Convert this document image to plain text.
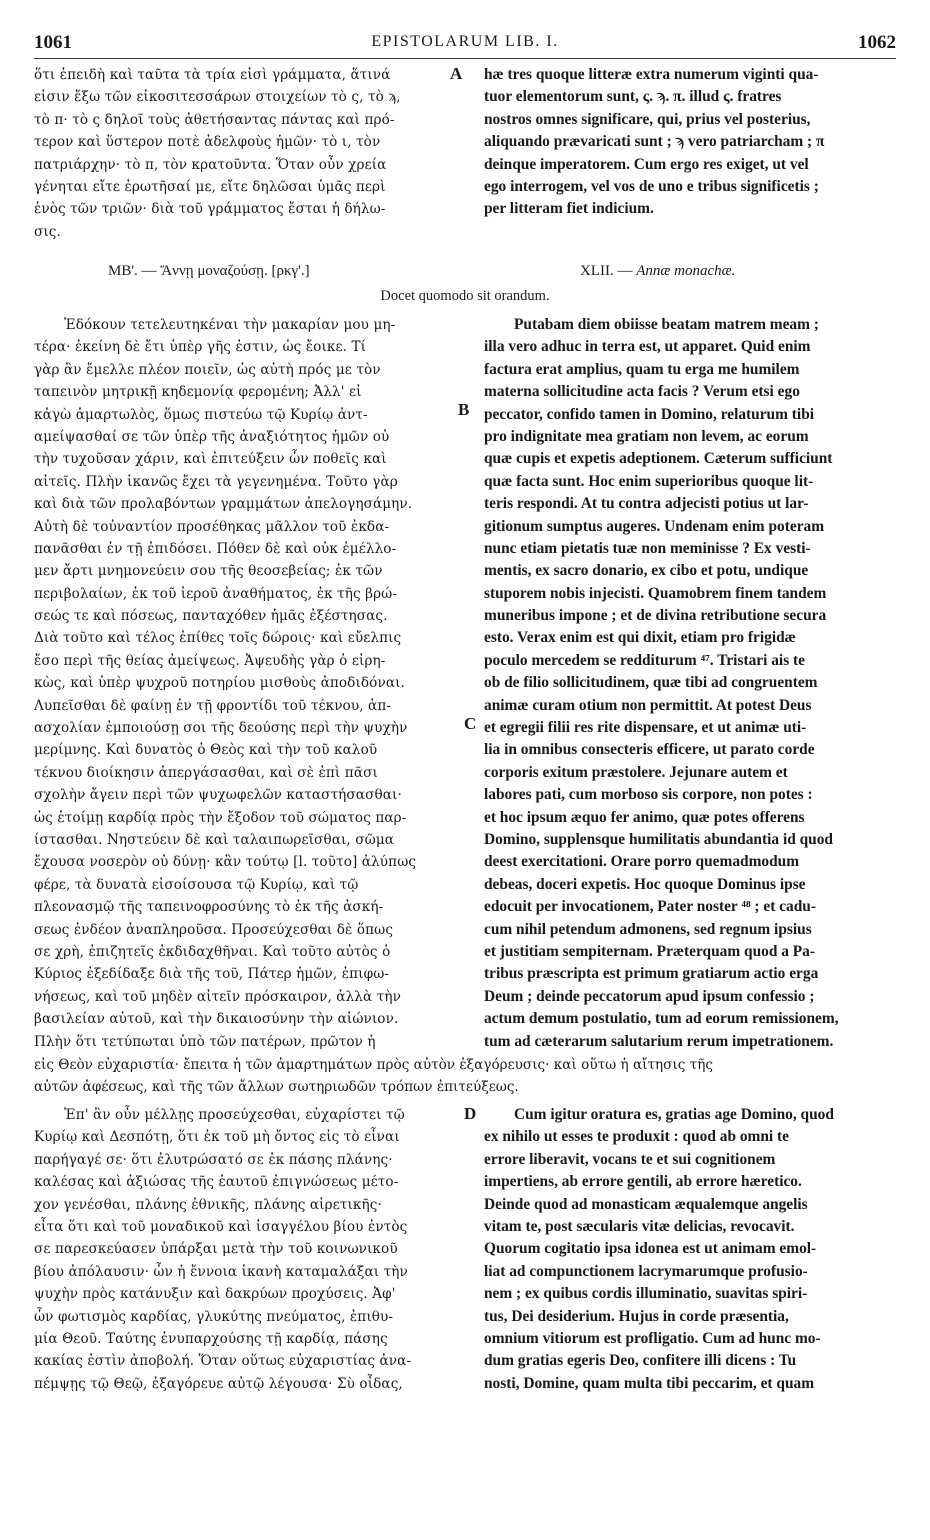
1061	EPISTOLARUM LIB. I.	1062
ὅτι ἐπειδὴ καὶ ταῦτα τὰ τρία εἰσὶ γράμματα, ἅτινά
εἰσιν ἔξω τῶν εἰκοσιτεσσάρων στοιχείων τὸ ς, τὸ ϡ,
τὸ π· τὸ ς δηλοῖ τοὺς ἀθετήσαντας πάντας καὶ πρό-
τερον καὶ ὕστερον ποτὲ ἀδελφοὺς ἡμῶν· τὸ ι, τὸν
πατριάρχην· τὸ π, τὸν κρατοῦντα. Ὅταν οὖν χρεία
γένηται εἴτε ἐρωτῆσαί με, εἴτε δηλῶσαι ὑμᾶς περὶ
ἑνὸς τῶν τριῶν· διὰ τοῦ γράμματος ἔσται ἡ δήλω-
σις.
hæ tres quoque litteræ extra numerum viginti qua-
tuor elementorum sunt, ς. ϡ. π. illud ς. fratres
nostros omnes significare, qui, prius vel posterius,
aliquando prævaricati sunt ; ϡ vero patriarcham ; π
deinque imperatorem. Cum ergo res exiget, ut vel
ego interrogem, vel vos de uno e tribus significetis ;
per litteram fiet indicium.
ΜΒ'. — Ἄννῃ μοναζούσῃ. [ρκγ'.]	XLII. — Annæ monachæ.
Docet quomodo sit orandum.
Ἐδόκουν τετελευτηκέναι τὴν μακαρίαν μου μη-
τέρα· ἐκείνη δὲ ἔτι ὑπὲρ γῆς ἐστιν, ὡς ἔοικε. Τί
γὰρ ἂν ἔμελλε πλέον ποιεῖν, ὡς αὐτὴ πρός με τὸν
ταπεινὸν μητρικῇ κηδεμονίᾳ φερομένη; Ἀλλ' εἰ
κἀγὼ ἁμαρτωλὸς, ὅμως πιστεύω τῷ Κυρίῳ ἀντ-
αμείψασθαί σε τῶν ὑπὲρ τῆς ἀναξιότητος ἡμῶν οὐ
τὴν τυχοῦσαν χάριν, καὶ ἐπιτεύξειν ὧν ποθεῖς καὶ
αἰτεῖς. Πλὴν ἱκανῶς ἔχει τὰ γεγενημένα. Τοῦτο γὰρ
καὶ διὰ τῶν προλαβόντων γραμμάτων ἀπελογησάμην.
Αὐτὴ δὲ τοὐναντίον προσέθηκας μᾶλλον τοῦ ἐκδα-
πανᾶσθαι ἐν τῇ ἐπιδόσει. Πόθεν δὲ καὶ οὐκ ἐμέλλο-
μεν ἄρτι μνημονεύειν σου τῆς θεοσεβείας; ἐκ τῶν
περιβολαίων, ἐκ τοῦ ἱεροῦ ἀναθήματος, ἐκ τῆς βρώ-
σεώς τε καὶ πόσεως, πανταχόθεν ἡμᾶς ἐξέστησας.
Διὰ τοῦτο καὶ τέλος ἐπίθες τοῖς δώροις· καὶ εὔελπις
ἔσο περὶ τῆς θείας ἀμείψεως. Ἀψευδὴς γὰρ ὁ εἰρη-
κὼς, καὶ ὑπὲρ ψυχροῦ ποτηρίου μισθοὺς ἀποδιδόναι.
Λυπεῖσθαι δὲ φαίνῃ ἐν τῇ φροντίδι τοῦ τέκνου, ἀπ-
ασχολίαν ἐμποιούσῃ σοι τῆς δεούσης περὶ τὴν ψυχὴν
μερίμνης. Καὶ δυνατὸς ὁ Θεὸς καὶ τὴν τοῦ καλοῦ
τέκνου διοίκησιν ἀπεργάσασθαι, καὶ σὲ ἐπὶ πᾶσι
σχολὴν ἄγειν περὶ τῶν ψυχωφελῶν καταστήσασθαι·
ὡς ἑτοίμῃ καρδίᾳ πρὸς τὴν ἔξοδον τοῦ σώματος παρ-
ίστασθαι. Νηστεύειν δὲ καὶ ταλαιπωρεῖσθαι, σῶμα
ἔχουσα νοσερὸν οὐ δύνῃ· κἂν τούτῳ [l. τοῦτο] ἀλύπως
φέρε, τὰ δυνατὰ εἰσοίσουσα τῷ Κυρίῳ, καὶ τῷ
πλεονασμῷ τῆς ταπεινοφροσύνης τὸ ἐκ τῆς ἀσκή-
σεως ἐνδέον ἀναπληροῦσα. Προσεύχεσθαι δὲ ὅπως
σε χρὴ, ἐπιζητεῖς ἐκδιδαχθῆναι. Καὶ τοῦτο αὐτὸς ὁ
Κύριος ἐξεδίδαξε διὰ τῆς τοῦ, Πάτερ ἡμῶν, ἐπιφω-
νήσεως, καὶ τοῦ μηδὲν αἰτεῖν πρόσκαιρον, ἀλλὰ τὴν
βασιλείαν αὐτοῦ, καὶ τὴν δικαιοσύνην τὴν αἰώνιον.
Πλὴν ὅτι τετύπωται ὑπὸ τῶν πατέρων, πρῶτον ἡ
Putabam diem obiisse beatam matrem meam ;
illa vero adhuc in terra est, ut apparet. Quid enim
factura erat amplius, quam tu erga me humilem
materna sollicitudine acta facis ? Verum etsi ego
peccator, confido tamen in Domino, relaturum tibi
pro indignitate mea gratiam non levem, ac eorum
quæ cupis et expetis adeptionem. Cæterum sufficiunt
quæ facta sunt. Hoc enim superioribus quoque lit-
teris respondi. At tu contra adjecisti potius ut lar-
gitionum sumptus augeres. Undenam enim poteram
nunc etiam pietatis tuæ non meminisse ? Ex vesti-
mentis, ex sacro donario, ex cibo et potu, undique
stuporem nobis injecisti. Quamobrem finem tandem
muneribus impone ; et de divina retributione secura
esto. Verax enim est qui dixit, etiam pro frigidæ
poculo mercedem se redditurum ⁴⁷. Tristari ais te
ob de filio sollicitudinem, quæ tibi ad congruentem
animæ curam otium non permittit. At potest Deus
et egregii filii res rite dispensare, et ut animæ uti-
lia in omnibus consecteris efficere, ut parato corde
corporis exitum præstolere. Jejunare autem et
labores pati, cum morboso sis corpore, non potes :
et hoc ipsum æquo fer animo, quæ potes offerens
Domino, supplensque humilitatis abundantia id quod
deest exercitationi. Orare porro quemadmodum
debeas, doceri expetis. Hoc quoque Dominus ipse
edocuit per invocationem, Pater noster ⁴⁸ ; et cadu-
cum nihil petendum admonens, sed regnum ipsius
et justitiam sempiternam. Præterquam quod a Pa-
tribus præscripta est primum gratiarum actio erga
Deum ; deinde peccatorum apud ipsum confessio ;
actum demum postulatio, tum ad eorum remissionem,
tum ad cæterarum salutarium rerum impetrationem.
εἰς Θεὸν εὐχαριστία· ἔπειτα ἡ τῶν ἁμαρτημάτων πρὸς αὐτὸν ἐξαγόρευσις· καὶ οὕτω ἡ αἴτησις τῆς
αὐτῶν ἀφέσεως, καὶ τῆς τῶν ἄλλων σωτηριωδῶν τρόπων ἐπιτεύξεως.
Ἐπ' ἂν οὖν μέλλῃς προσεύχεσθαι, εὐχαρίστει τῷ
Κυρίῳ καὶ Δεσπότῃ, ὅτι ἐκ τοῦ μὴ ὄντος εἰς τὸ εἶναι
παρήγαγέ σε· ὅτι ἐλυτρώσατό σε ἐκ πάσης πλάνης·
καλέσας καὶ ἀξιώσας τῆς ἑαυτοῦ ἐπιγνώσεως μέτο-
χον γενέσθαι, πλάνης ἐθνικῆς, πλάνης αἱρετικῆς·
εἶτα ὅτι καὶ τοῦ μοναδικοῦ καὶ ἰσαγγέλου βίου ἐντὸς
σε παρεσκεύασεν ὑπάρξαι μετὰ τὴν τοῦ κοινωνικοῦ
βίου ἀπόλαυσιν· ὧν ἡ ἔννοια ἱκανὴ καταμαλάξαι τὴν
ψυχὴν πρὸς κατάνυξιν καὶ δακρύων προχύσεις. Ἀφ'
ὧν φωτισμὸς καρδίας, γλυκύτης πνεύματος, ἐπιθυ-
μία Θεοῦ. Ταύτης ἐνυπαρχούσης τῇ καρδίᾳ, πάσης
κακίας ἐστὶν ἀποβολή. Ὅταν οὕτως εὐχαριστίας ἀνα-
πέμψῃς τῷ Θεῷ, ἐξαγόρευε αὐτῷ λέγουσα· Σὺ οἶδας,
Cum igitur oratura es, gratias age Domino, quod
ex nihilo ut esses te produxit : quod ab omni te
errore liberavit, vocans te et sui cognitionem
impertiens, ab errore gentili, ab errore hæretico.
Deinde quod ad monasticam æqualemque angelis
vitam te, post sæcularis vitæ delicias, revocavit.
Quorum cogitatio ipsa idonea est ut animam emol-
liat ad compunctionem lacrymarumque profusio-
nem ; ex quibus cordis illuminatio, suavitas spiri-
tus, Dei desiderium. Hujus in corde præsentia,
omnium vitiorum est profligatio. Cum ad hunc mo-
dum gratias egeris Deo, confitere illi dicens : Tu
nosti, Domine, quam multa tibi peccarim, et quam
A
B
C
D
